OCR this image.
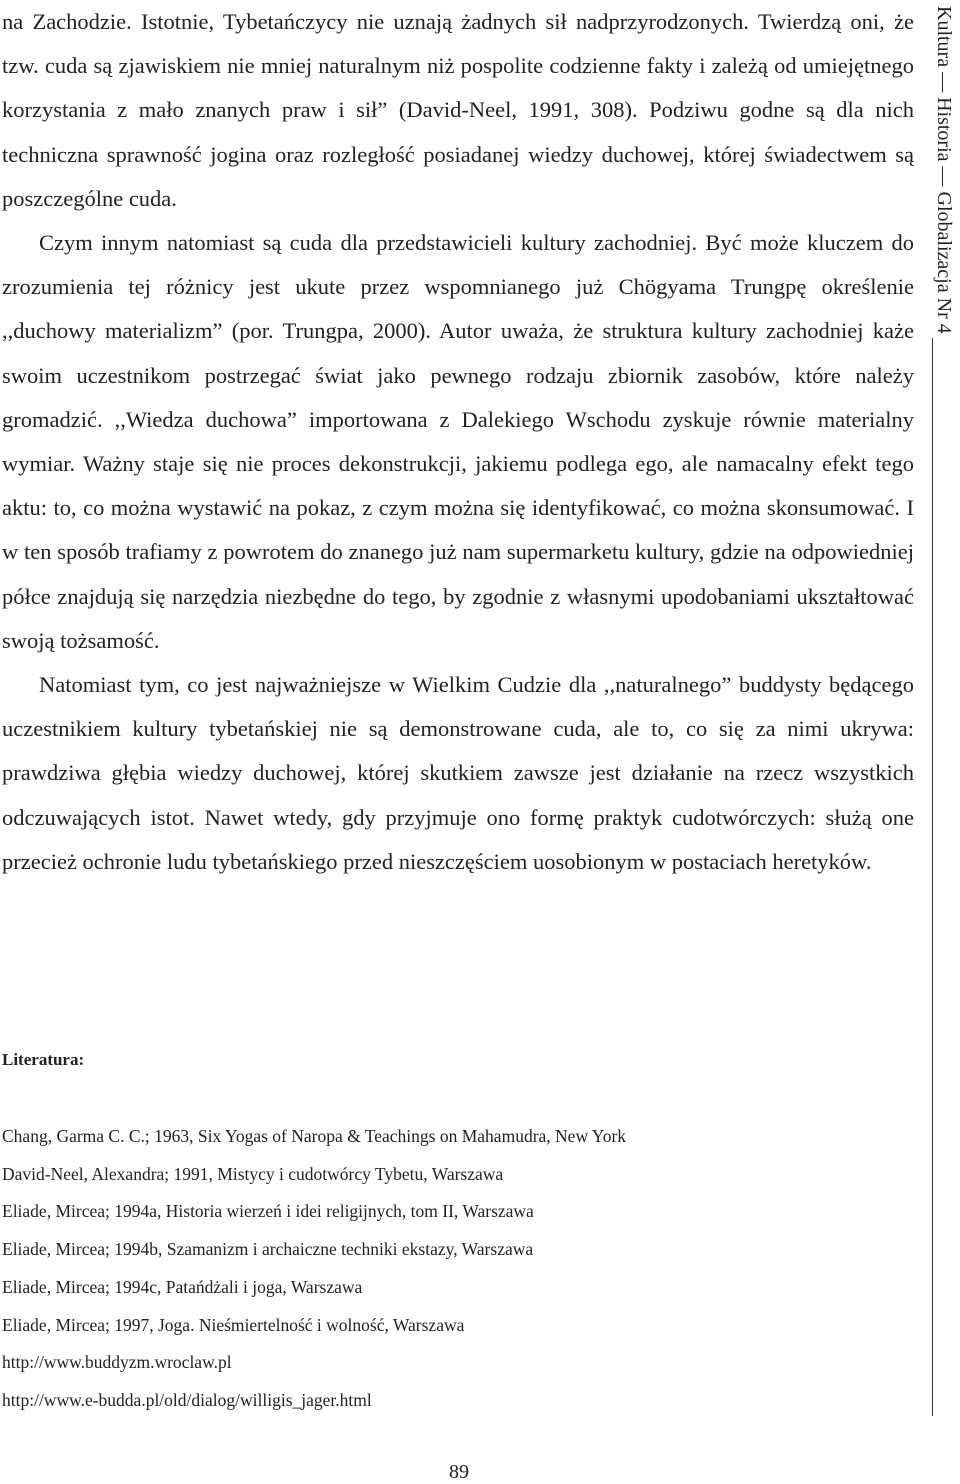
na Zachodzie. Istotnie, Tybetańczycy nie uznają żadnych sił nadprzyrodzonych. Twierdzą oni, że tzw. cuda są zjawiskiem nie mniej naturalnym niż pospolite codzienne fakty i zależą od umiejętnego korzystania z mało znanych praw i sił” (David-Neel, 1991, 308). Podziwu godne są dla nich techniczna sprawność jogina oraz rozległość posiadanej wiedzy duchowej, której świadectwem są poszczególne cuda.

Czym innym natomiast są cuda dla przedstawicieli kultury zachodniej. Być może kluczem do zrozumienia tej różnicy jest ukute przez wspomnianego już Chögyama Trungpę określenie ,,duchowy materializm” (por. Trungpa, 2000). Autor uważa, że struktura kultury zachodniej każe swoim uczestnikom postrzegać świat jako pewnego rodzaju zbiornik zasobów, które należy gromadzić. ,,Wiedza duchowa” importowana z Dalekiego Wschodu zyskuje równie materialny wymiar. Ważny staje się nie proces dekonstrukcji, jakiemu podlega ego, ale namacalny efekt tego aktu: to, co można wystawić na pokaz, z czym można się identyfikować, co można skonsumować. I w ten sposób trafiamy z powrotem do znanego już nam supermarketu kultury, gdzie na odpowiedniej półce znajdują się narzędzia niezbędne do tego, by zgodnie z własnymi upodobaniami ukształtować swoją tożsamość.

Natomiast tym, co jest najważniejsze w Wielkim Cudzie dla ,,naturalnego” buddysty będącego uczestnikiem kultury tybetańskiej nie są demonstrowane cuda, ale to, co się za nimi ukrywa: prawdziwa głębia wiedzy duchowej, której skutkiem zawsze jest działanie na rzecz wszystkich odczuwających istot. Nawet wtedy, gdy przyjmuje ono formę praktyk cudotwórczych: służą one przecież ochronie ludu tybetańskiego przed nieszczęściem uosobionym w postaciach heretyków.

Literatura:
Chang, Garma C. C.; 1963, Six Yogas of Naropa & Teachings on Mahamudra, New York
David-Neel, Alexandra; 1991, Mistycy i cudotwórcy Tybetu, Warszawa
Eliade, Mircea; 1994a, Historia wierzeń i idei religijnych, tom II, Warszawa
Eliade, Mircea; 1994b, Szamanizm i archaiczne techniki ekstazy, Warszawa
Eliade, Mircea; 1994c, Patańdżali i joga, Warszawa
Eliade, Mircea; 1997, Joga. Nieśmiertelność i wolność, Warszawa
http://www.buddyzm.wroclaw.pl
http://www.e-budda.pl/old/dialog/willigis_jager.html
Kultura — Historia — Globalizacja Nr 4
89
